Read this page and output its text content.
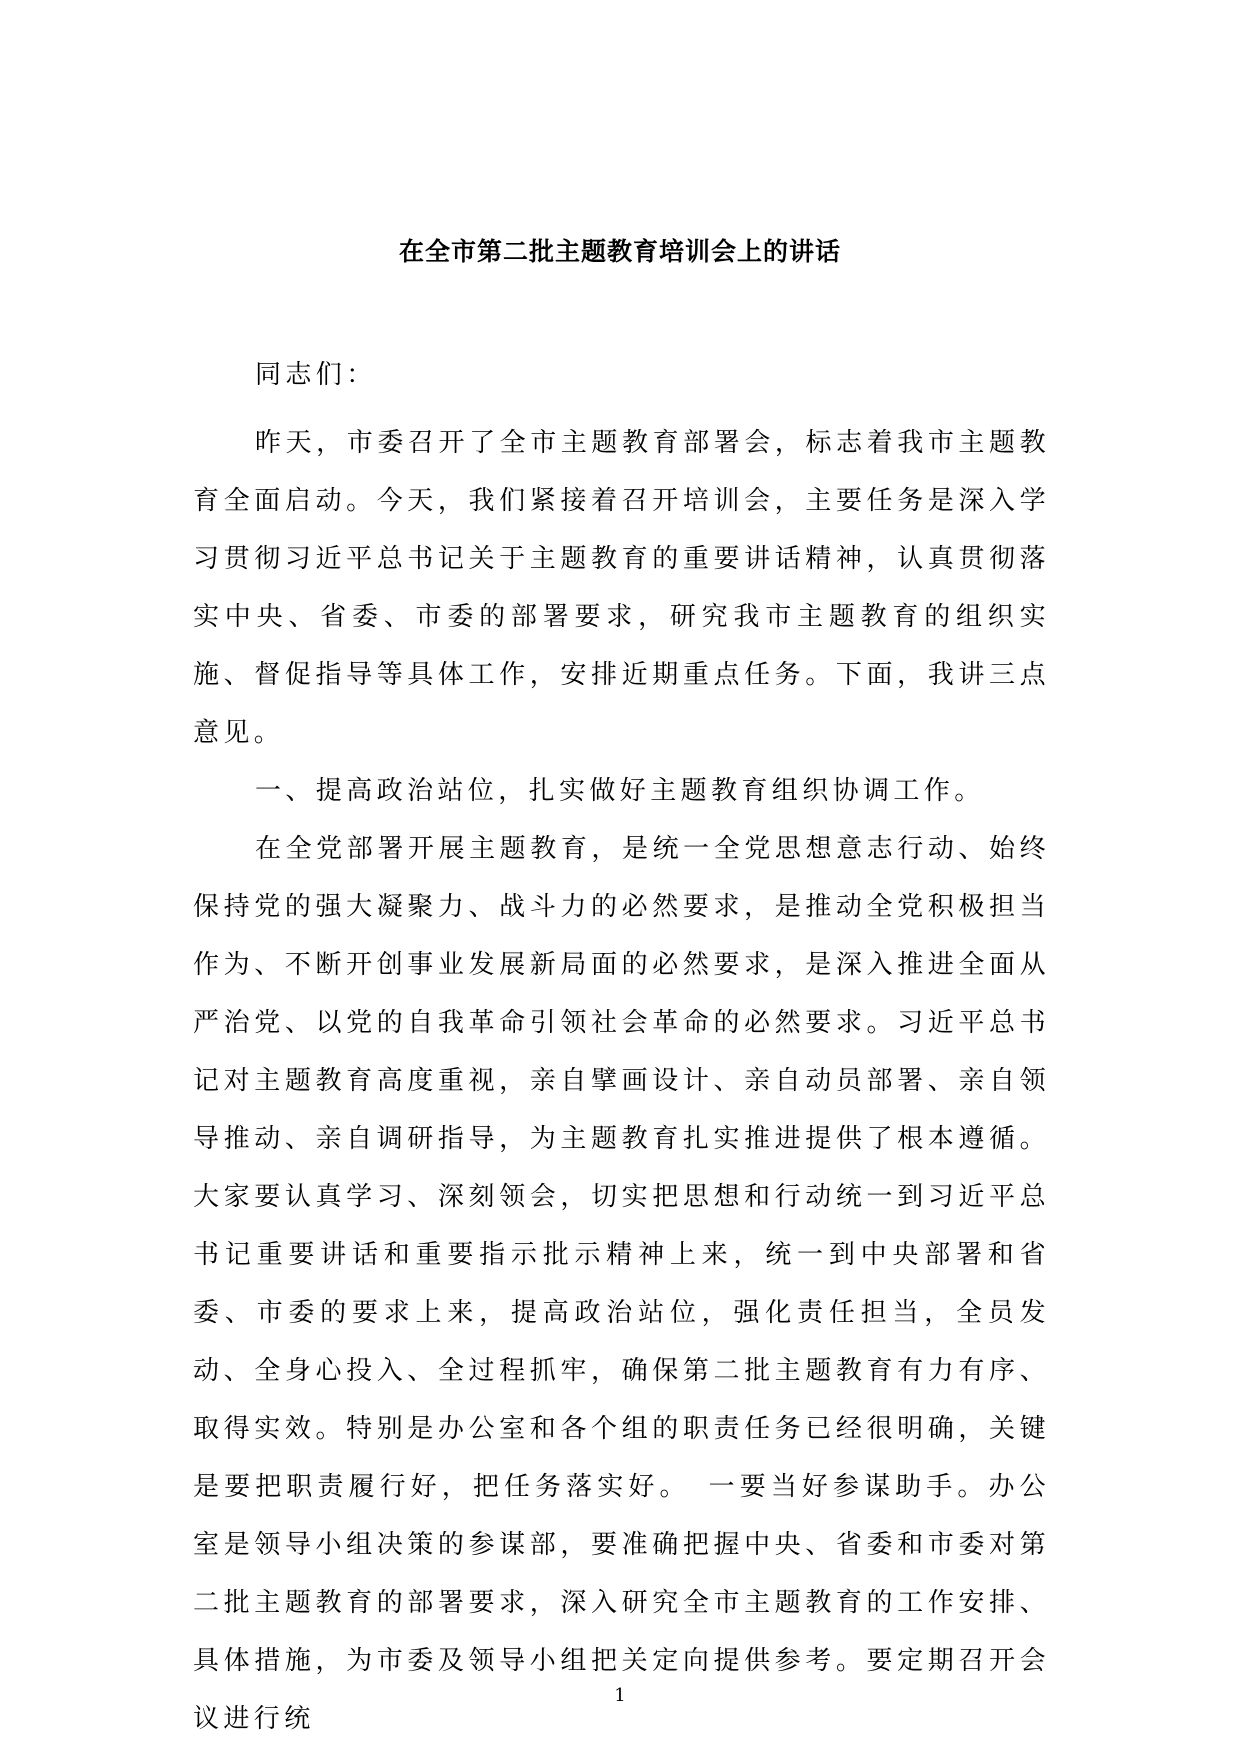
在全市第二批主题教育培训会上的讲话

同志们：

昨天，市委召开了全市主题教育部署会，标志着我市主题教育全面启动。今天，我们紧接着召开培训会，主要任务是深入学习贯彻习近平总书记关于主题教育的重要讲话精神，认真贯彻落实中央、省委、市委的部署要求，研究我市主题教育的组织实施、督促指导等具体工作，安排近期重点任务。下面，我讲三点意见。

一、提高政治站位，扎实做好主题教育组织协调工作。

在全党部署开展主题教育，是统一全党思想意志行动、始终保持党的强大凝聚力、战斗力的必然要求，是推动全党积极担当作为、不断开创事业发展新局面的必然要求，是深入推进全面从严治党、以党的自我革命引领社会革命的必然要求。习近平总书记对主题教育高度重视，亲自擘画设计、亲自动员部署、亲自领导推动、亲自调研指导，为主题教育扎实推进提供了根本遵循。大家要认真学习、深刻领会，切实把思想和行动统一到习近平总书记重要讲话和重要指示批示精神上来，统一到中央部署和省委、市委的要求上来，提高政治站位，强化责任担当，全员发动、全身心投入、全过程抓牢，确保第二批主题教育有力有序、取得实效。特别是办公室和各个组的职责任务已经很明确，关键是要把职责履行好，把任务落实好。　一要当好参谋助手。办公室是领导小组决策的参谋部，要准确把握中央、省委和市委对第二批主题教育的部署要求，深入研究全市主题教育的工作安排、具体措施，为市委及领导小组把关定向提供参考。要定期召开会议进行统

1
